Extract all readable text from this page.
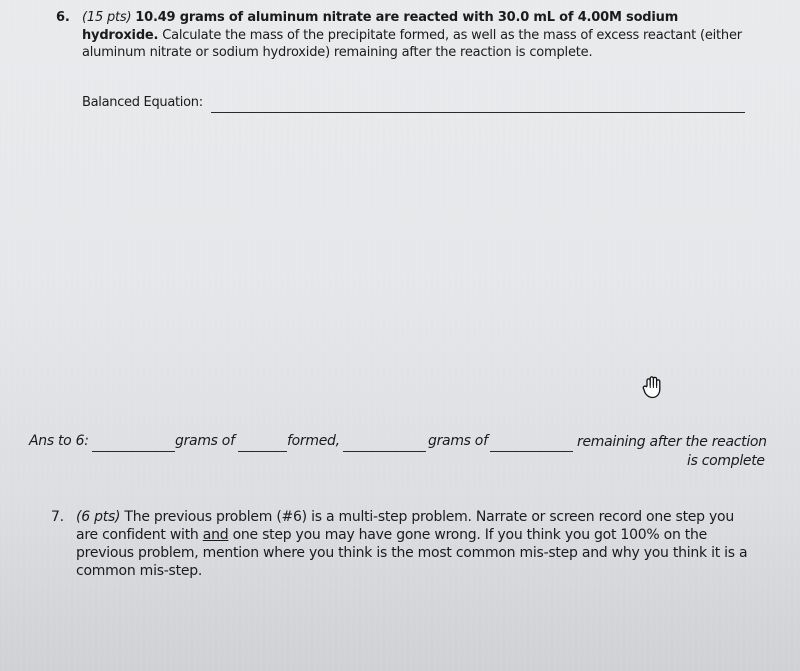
6. (15 pts) 10.49 grams of aluminum nitrate are reacted with 30.0 mL of 4.00M sodium hydroxide. Calculate the mass of the precipitate formed, as well as the mass of excess reactant (either aluminum nitrate or sodium hydroxide) remaining after the reaction is complete.
Balanced Equation:
Ans to 6:	grams of	formed,	grams of	remaining after the reaction
is complete
7. (6 pts) The previous problem (#6) is a multi-step problem. Narrate or screen record one step you are confident with and one step you may have gone wrong. If you think you got 100% on the previous problem, mention where you think is the most common mis-step and why you think it is a common mis-step.
